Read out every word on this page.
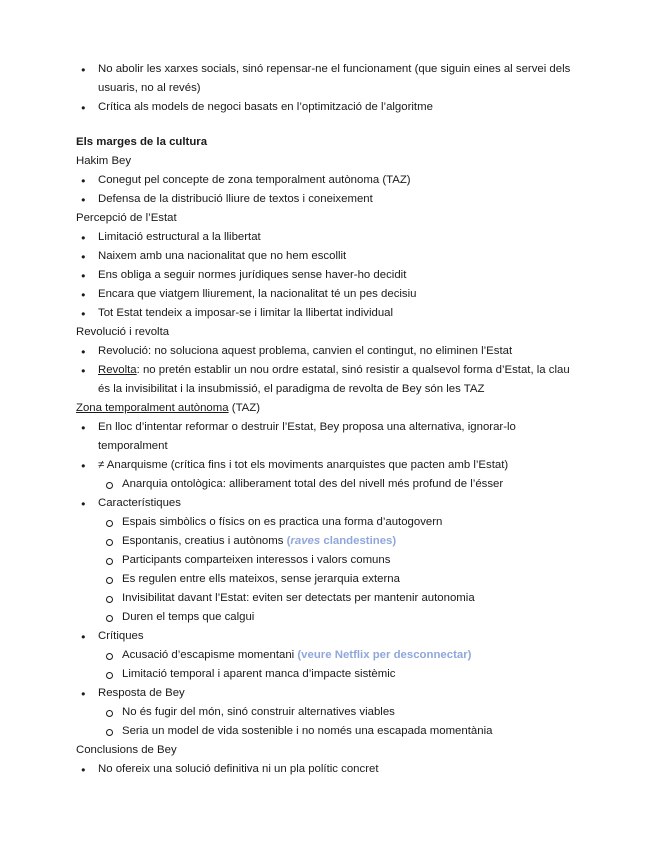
● No abolir les xarxes socials, sinó repensar-ne el funcionament (que siguin eines al servei dels usuaris, no al revés)
● Crítica als models de negoci basats en l’optimització de l’algoritme
Els marges de la cultura
Hakim Bey
● Conegut pel concepte de zona temporalment autònoma (TAZ)
● Defensa de la distribució lliure de textos i coneixement
Percepció de l’Estat
● Limitació estructural a la llibertat
● Naixem amb una nacionalitat que no hem escollit
● Ens obliga a seguir normes jurídiques sense haver-ho decidit
● Encara que viatgem lliurement, la nacionalitat té un pes decisiu
● Tot Estat tendeix a imposar-se i limitar la llibertat individual
Revolució i revolta
● Revolució: no soluciona aquest problema, canvien el contingut, no eliminen l’Estat
● Revolta: no pretén establir un nou ordre estatal, sinó resistir a qualsevol forma d’Estat, la clau és la invisibilitat i la insubmissió, el paradigma de revolta de Bey són les TAZ
Zona temporalment autònoma (TAZ)
● En lloc d’intentar reformar o destruir l’Estat, Bey proposa una alternativa, ignorar-lo temporalment
● ≠ Anarquisme (crítica fins i tot els moviments anarquistes que pacten amb l’Estat)
Anarquia ontològica: alliberament total des del nivell més profund de l’ésser
● Característiques
Espais simbòlics o físics on es practica una forma d’autogovern
Espontanis, creatius i autònoms (raves clandestines)
Participants comparteixen interessos i valors comuns
Es regulen entre ells mateixos, sense jerarquia externa
Invisibilitat davant l’Estat: eviten ser detectats per mantenir autonomia
Duren el temps que calgui
● Crítiques
Acusació d’escapisme momentani (veure Netflix per desconnectar)
Limitació temporal i aparent manca d’impacte sistèmic
● Resposta de Bey
No és fugir del món, sinó construir alternatives viables
Seria un model de vida sostenible i no només una escapada momentània
Conclusions de Bey
● No ofereix una solució definitiva ni un pla polític concret
